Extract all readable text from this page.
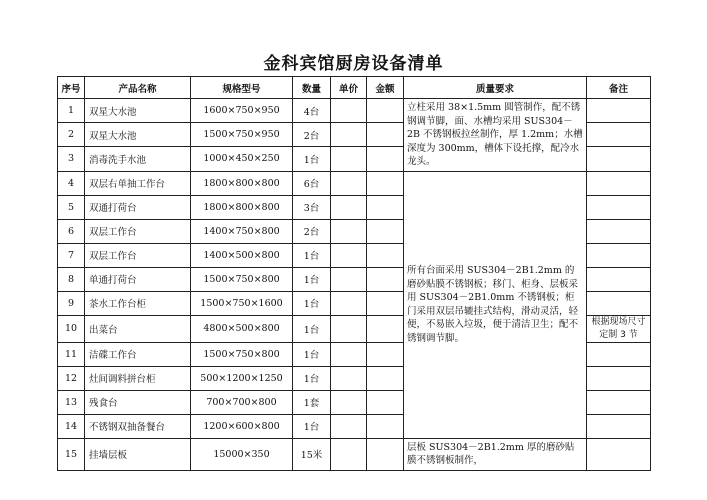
金科宾馆厨房设备清单
序号	产品名称	规格型号	数量	单价	金额	质量要求	备注
1	双星大水池	1600×750×950	4台			立柱采用 38×1.5mm 圆管制作，配不锈钢调节脚，面、水槽均采用 SUS304－2B 不锈钢板拉丝制作，厚 1.2mm；水槽深度为 300mm，槽体下设托撑，配冷水龙头。	
2	双星大水池	1500×750×950	2台				
3	消毒洗手水池	1000×450×250	1台				
4	双层右单抽工作台	1800×800×800	6台			所有台面采用 SUS304－2B1.2mm 的磨砂贴膜不锈钢板；移门、柜身、层板采用 SUS304－2B1.0mm 不锈钢板；柜门采用双层吊辘挂式结构，滑动灵活，轻便，不易嵌入垃圾，便于清洁卫生；配不锈钢调节脚。	
5	双通打荷台	1800×800×800	3台				
6	双层工作台	1400×750×800	2台				
7	双层工作台	1400×500×800	1台				
8	单通打荷台	1500×750×800	1台				
9	茶水工作台柜	1500×750×1600	1台				
10	出菜台	4800×500×800	1台				根据现场尺寸定制 3 节
11	洁碟工作台	1500×750×800	1台				
12	灶间调料拼台柜	500×1200×1250	1台				
13	残食台	700×700×800	1套				
14	不锈钢双抽备餐台	1200×600×800	1台				
15	挂墙层板	15000×350	15米			层板 SUS304－2B1.2mm 厚的磨砂贴膜不锈钢板制作，	
